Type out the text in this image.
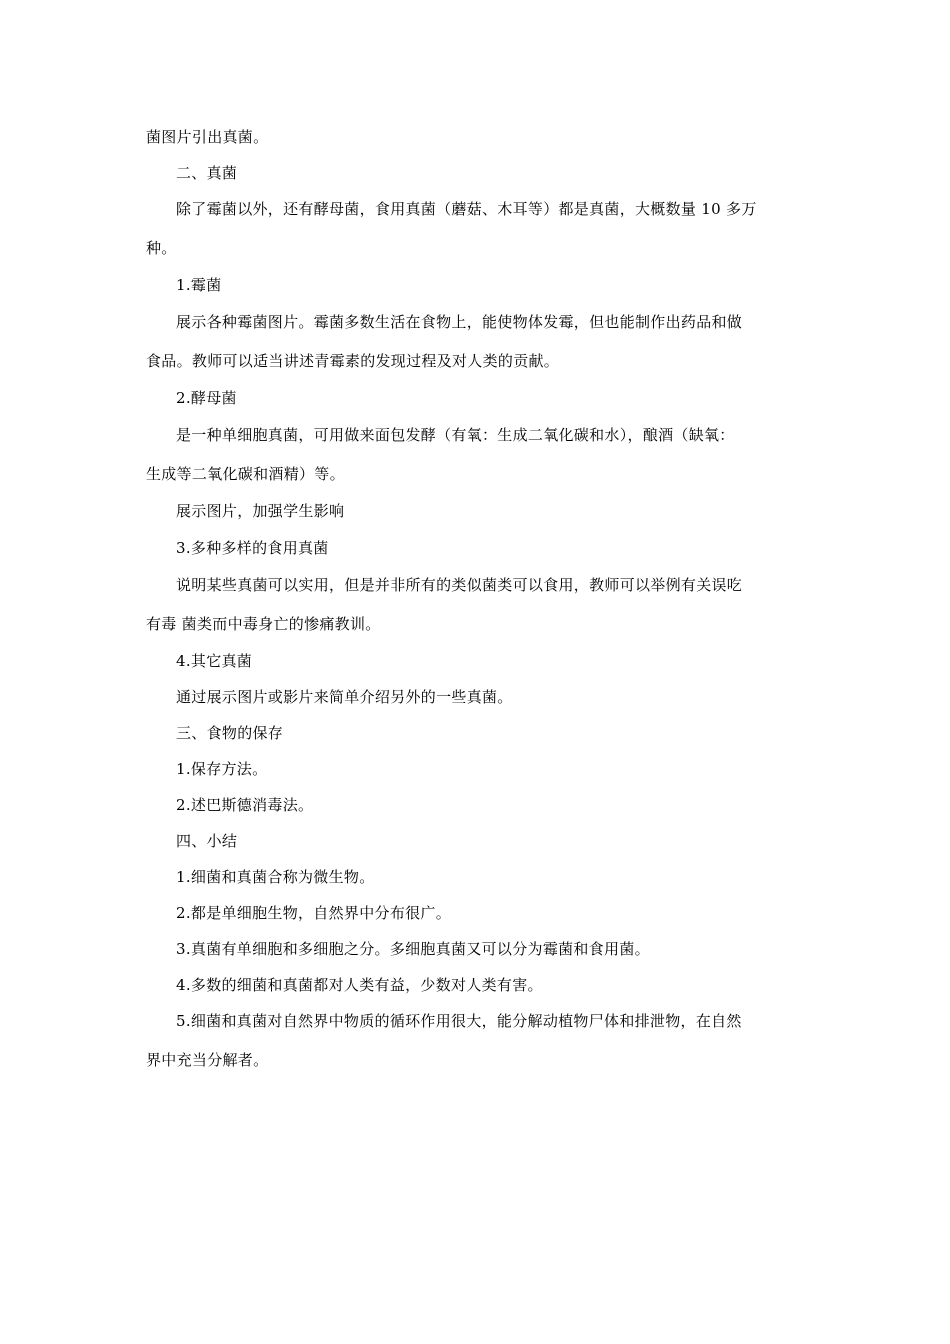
菌图片引出真菌。
二、真菌
除了霉菌以外，还有酵母菌，食用真菌（蘑菇、木耳等）都是真菌，大概数量 10 多万
种。
1.霉菌
展示各种霉菌图片。霉菌多数生活在食物上，能使物体发霉，但也能制作出药品和做
食品。教师可以适当讲述青霉素的发现过程及对人类的贡献。
2.酵母菌
是一种单细胞真菌，可用做来面包发酵（有氧：生成二氧化碳和水），酿酒（缺氧：
生成等二氧化碳和酒精）等。
展示图片，加强学生影响
3.多种多样的食用真菌
说明某些真菌可以实用，但是并非所有的类似菌类可以食用，教师可以举例有关误吃
有毒 菌类而中毒身亡的惨痛教训。
4.其它真菌
通过展示图片或影片来简单介绍另外的一些真菌。
三、食物的保存
1.保存方法。
2.述巴斯德消毒法。
四、小结
1.细菌和真菌合称为微生物。
2.都是单细胞生物，自然界中分布很广。
3.真菌有单细胞和多细胞之分。多细胞真菌又可以分为霉菌和食用菌。
4.多数的细菌和真菌都对人类有益，少数对人类有害。
5.细菌和真菌对自然界中物质的循环作用很大，能分解动植物尸体和排泄物，在自然
界中充当分解者。
